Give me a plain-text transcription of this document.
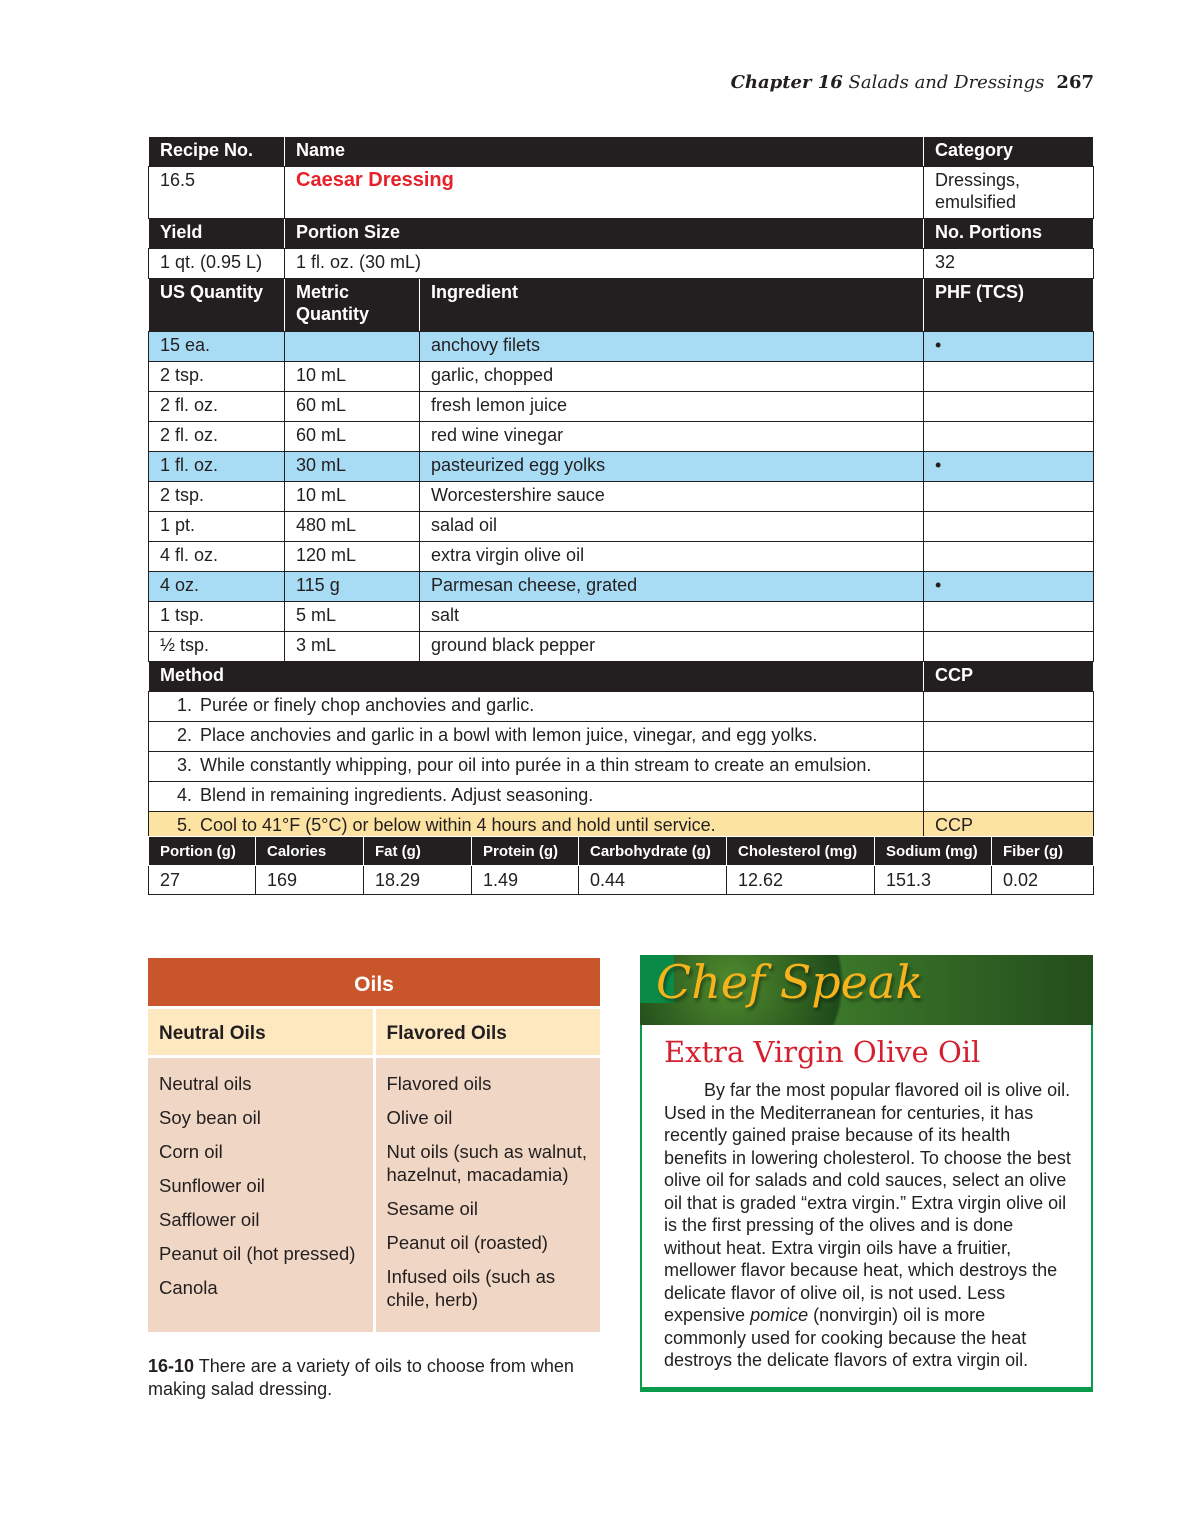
Chapter 16 Salads and Dressings 267
Recipe No.	Name		Category
16.5	Caesar Dressing		Dressings, emulsified
Yield	Portion Size		No. Portions
1 qt. (0.95 L)	1 fl. oz. (30 mL)		32
US Quantity	Metric Quantity	Ingredient	PHF (TCS)
15 ea.		anchovy filets	•
2 tsp.	10 mL	garlic, chopped	
2 fl. oz.	60 mL	fresh lemon juice	
2 fl. oz.	60 mL	red wine vinegar	
1 fl. oz.	30 mL	pasteurized egg yolks	•
2 tsp.	10 mL	Worcestershire sauce	
1 pt.	480 mL	salad oil	
4 fl. oz.	120 mL	extra virgin olive oil	
4 oz.	115 g	Parmesan cheese, grated	•
1 tsp.	5 mL	salt	
½ tsp.	3 mL	ground black pepper	
Method			CCP
1. Purée or finely chop anchovies and garlic.			
2. Place anchovies and garlic in a bowl with lemon juice, vinegar, and egg yolks.			
3. While constantly whipping, pour oil into purée in a thin stream to create an emulsion.			
4. Blend in remaining ingredients. Adjust seasoning.			
5. Cool to 41°F (5°C) or below within 4 hours and hold until service.			CCP
Portion (g)	Calories	Fat (g)	Protein (g)	Carbohydrate (g)	Cholesterol (mg)	Sodium (mg)	Fiber (g)
27	169	18.29	1.49	0.44	12.62	151.3	0.02
Oils
Neutral Oils
Neutral oils
Soy bean oil
Corn oil
Sunflower oil
Safflower oil
Peanut oil (hot pressed)
Canola
Flavored Oils
Flavored oils
Olive oil
Nut oils (such as walnut, hazelnut, macadamia)
Sesame oil
Peanut oil (roasted)
Infused oils (such as chile, herb)
16-10 There are a variety of oils to choose from when making salad dressing.
Chef Speak
Extra Virgin Olive Oil

By far the most popular flavored oil is olive oil. Used in the Mediterranean for centuries, it has recently gained praise because of its health benefits in lowering cholesterol. To choose the best olive oil for salads and cold sauces, select an olive oil that is graded “extra virgin.” Extra virgin olive oil is the first pressing of the olives and is done without heat. Extra virgin oils have a fruitier, mellower flavor because heat, which destroys the delicate flavor of olive oil, is not used. Less expensive pomice (nonvirgin) oil is more commonly used for cooking because the heat destroys the delicate flavors of extra virgin oil.
